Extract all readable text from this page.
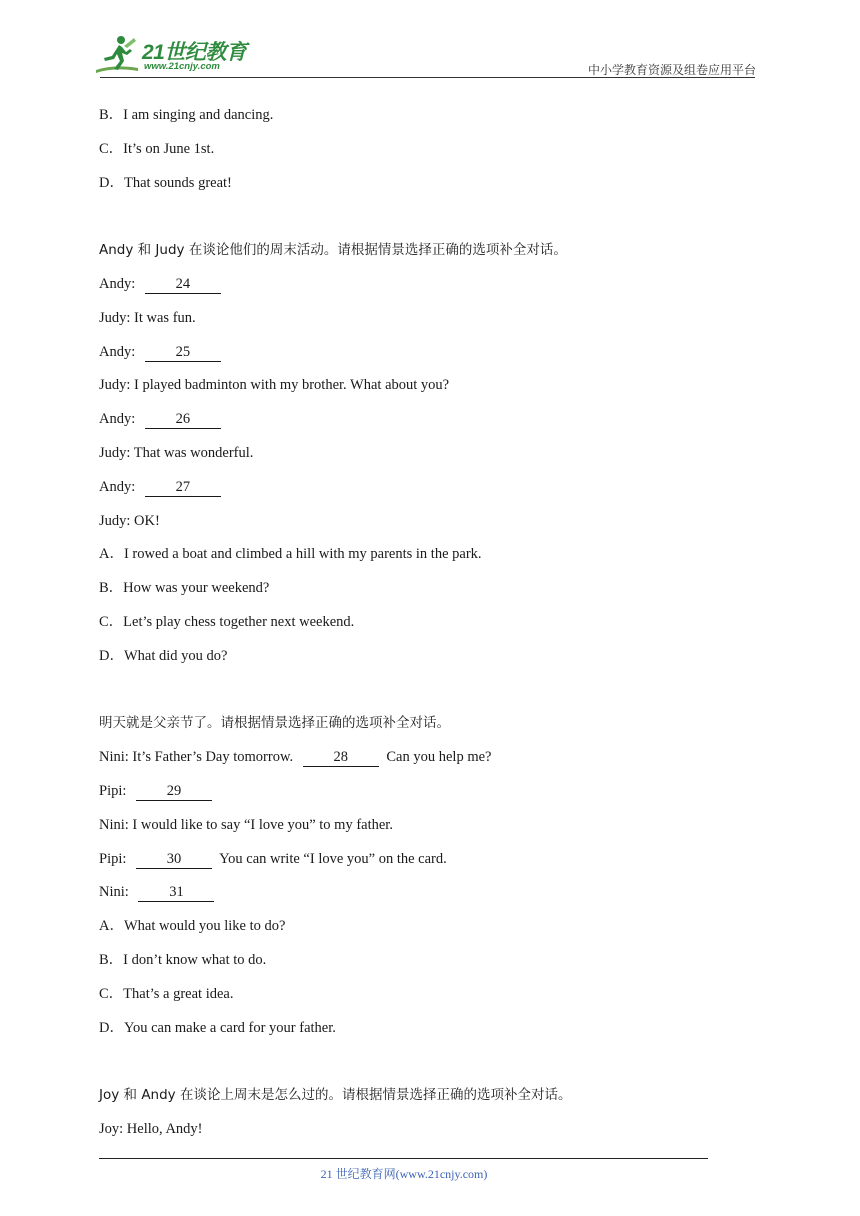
21世纪教育
www.21cnjy.com	中小学教育资源及组卷应用平台
B．I am singing and dancing.
C．It’s on June 1st.
D．That sounds great!
Andy 和 Judy 在谈论他们的周末活动。请根据情景选择正确的选项补全对话。
Andy:	24
Judy: It was fun.
Andy:	25
Judy: I played badminton with my brother. What about you?
Andy:	26
Judy: That was wonderful.
Andy:	27
Judy: OK!
A．I rowed a boat and climbed a hill with my parents in the park.
B．How was your weekend?
C．Let’s play chess together next weekend.
D．What did you do?
明天就是父亲节了。请根据情景选择正确的选项补全对话。
Nini: It’s Father’s Day tomorrow.	28 Can you help me?
Pipi:	29
Nini: I would like to say “I love you” to my father.
Pipi:	30 You can write “I love you” on the card.
Nini:	31
A．What would you like to do?
B．I don’t know what to do.
C．That’s a great idea.
D．You can make a card for your father.
Joy 和 Andy 在谈论上周末是怎么过的。请根据情景选择正确的选项补全对话。
Joy: Hello, Andy!
21 世纪教育网(www.21cnjy.com)
